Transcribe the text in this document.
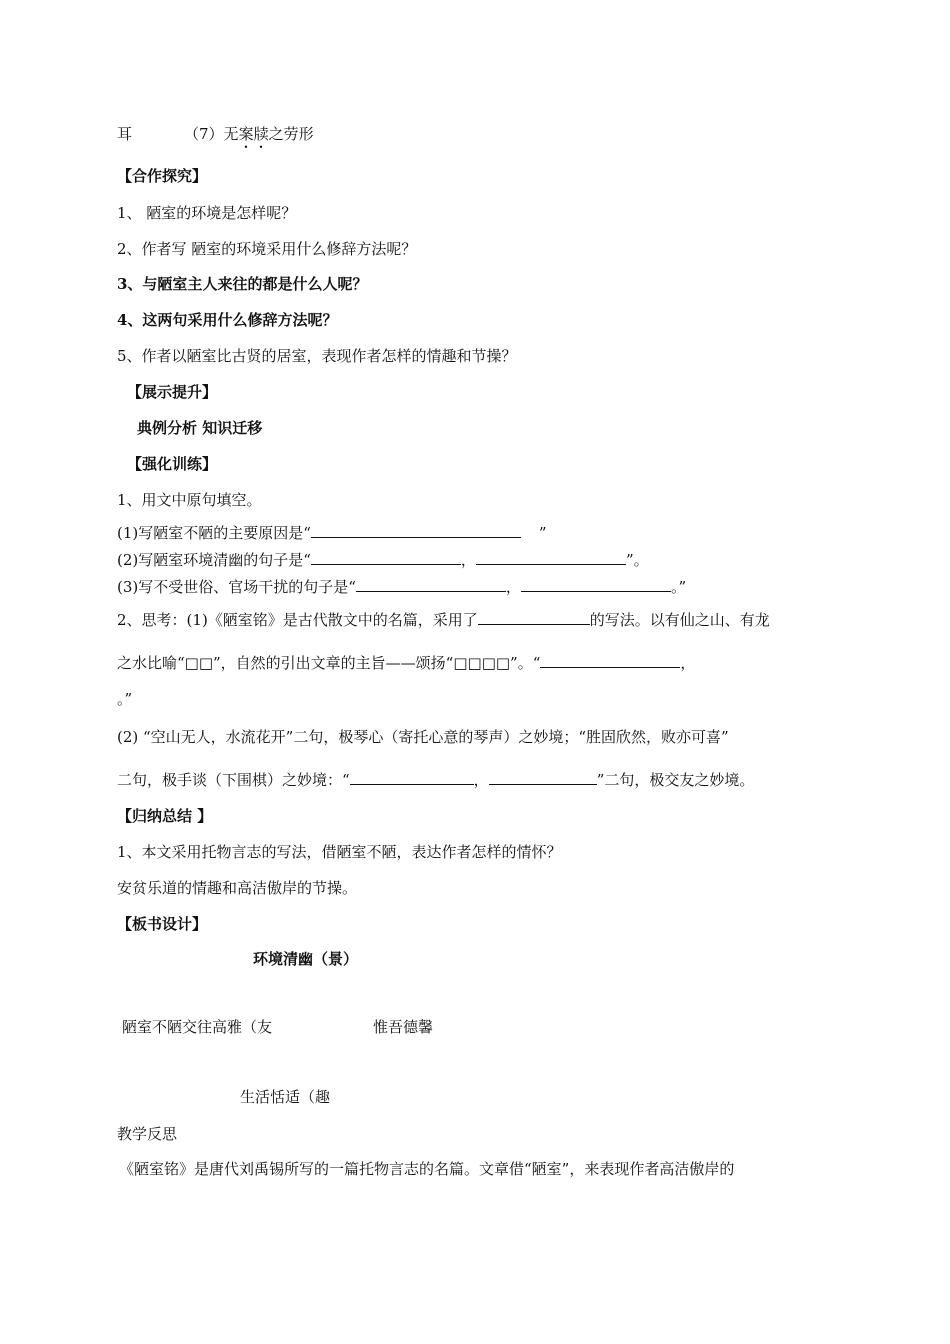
耳	（7）无案牍之劳形
【合作探究】
1、 陋室的环境是怎样呢？
2、作者写 陋室的环境采用什么修辞方法呢？
3、与陋室主人来往的都是什么人呢？
4、这两句采用什么修辞方法呢？
5、作者以陋室比古贤的居室，表现作者怎样的情趣和节操？
【展示提升】
典例分析 知识迁移
【强化训练】
1、用文中原句填空。
(1)写陋室不陋的主要原因是“	”
(2)写陋室环境清幽的句子是“	，	”。
(3)写不受世俗、官场干扰的句子是“	，	。”
2、思考：(1)《陋室铭》是古代散文中的名篇，采用了	的写法。以有仙之山、有龙
之水比喻“□□”，自然的引出文章的主旨——颂扬“□□□□”。“	，
。”
(2) “空山无人，水流花开”二句，极琴心（寄托心意的琴声）之妙境；“胜固欣然，败亦可喜”
二句，极手谈（下围棋）之妙境：“	，	”二句，极交友之妙境。
【归纳总结 】
1、本文采用托物言志的写法，借陋室不陋，表达作者怎样的情怀？
安贫乐道的情趣和高洁傲岸的节操。
【板书设计】
环境清幽（景）
陋室不陋交往高雅（友	惟吾德馨
生活恬适（趣
教学反思
《陋室铭》是唐代刘禹锡所写的一篇托物言志的名篇。文章借“陋室”，来表现作者高洁傲岸的
